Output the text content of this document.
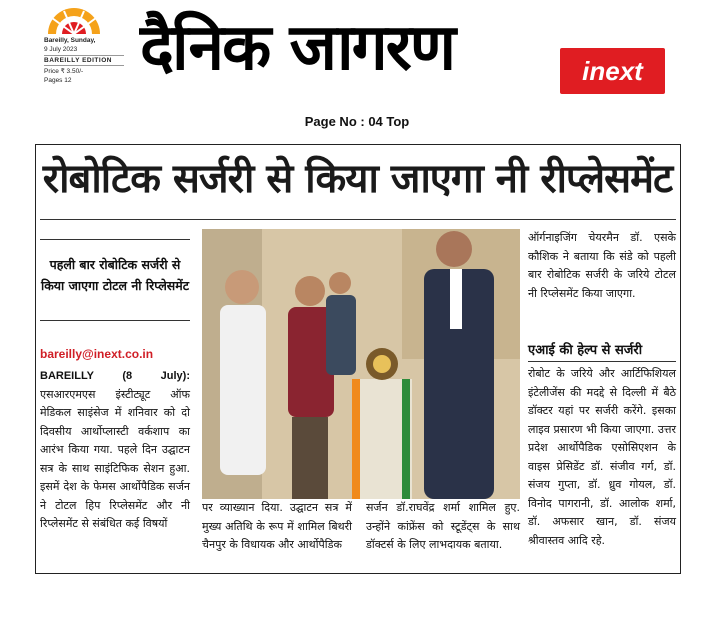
Bareilly, Sunday,
9 July 2023
BAREILLY EDITION
Price ₹ 3.50/-
Pages 12	दैनिक जागरण	inext
Page No : 04 Top
रोबोटिक सर्जरी से किया जाएगा नी रीप्लेसमेंट
पहली बार रोबोटिक सर्जरी से किया जाएगा टोटल नी रिप्लेसमेंट
bareilly@inext.co.in
BAREILLY (8 July): एसआरएमएस इंस्टीट्यूट ऑफ मेडिकल साइंसेज में शनिवार को दो दिवसीय आर्थोप्लास्टी वर्कशाप का आरंभ किया गया. पहले दिन उद्घाटन सत्र के साथ साइंटिफिक सेशन हुआ. इसमें देश के फेमस आर्थोपैडिक सर्जन ने टोटल हिप रिप्लेसमेंट और नी रिप्लेसमेंट से संबंधित कई विषयों
पर व्याख्यान दिया. उद्घाटन सत्र में मुख्य अतिथि के रूप में शामिल बिथरी चैनपुर के विधायक और आर्थोपैडिक
सर्जन डॉ.राघवेंद्र शर्मा शामिल हुए. उन्होंने कांफ्रेंस को स्टूडेंट्स के साथ डॉक्टर्स के लिए लाभदायक बताया.
ऑर्गनाइजिंग चेयरमैन डॉ. एसके कौशिक ने बताया कि संडे को पहली बार रोबोटिक सर्जरी के जरिये टोटल नी रिप्लेसमेंट किया जाएगा.
एआई की हेल्प से सर्जरी
रोबोट के जरिये और आर्टिफिशियल इंटेलीजेंस की मदद्दे से दिल्ली में बैठे डॉक्टर यहां पर सर्जरी करेंगे. इसका लाइव प्रसारण भी किया जाएगा. उत्तर प्रदेश आर्थोपैडिक एसोसिएशन के वाइस प्रेसिडेंट डॉ. संजीव गर्ग, डॉ. संजय गुप्ता, डॉ. ध्रुव गोयल, डॉ. विनोद पागरानी, डॉ. आलोक शर्मा, डॉ. अफसार खान, डॉ. संजय श्रीवास्तव आदि रहे.
